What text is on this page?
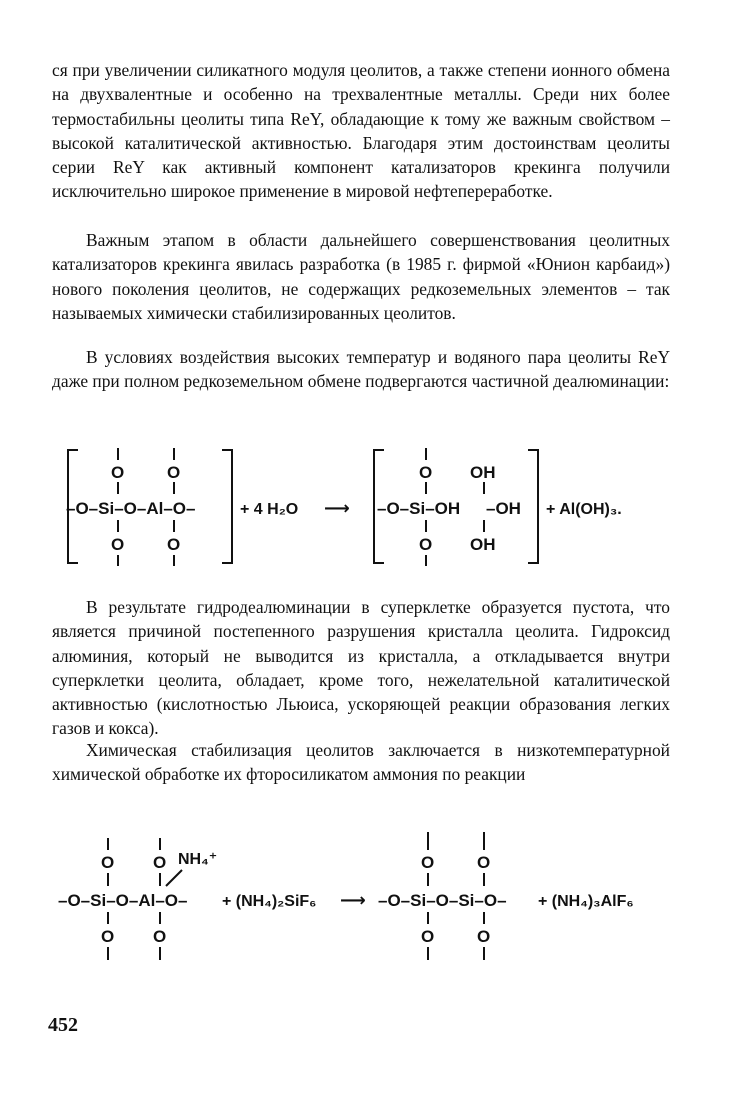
ся при увеличении силикатного модуля цеолитов, а также степени ионного обмена на двухвалентные и особенно на трехвалентные металлы. Среди них более термостабильны цеолиты типа ReY, обладающие к тому же важным свойством – высокой каталитической активностью. Благодаря этим достоинствам цеолиты серии ReY как активный компонент катализаторов крекинга получили исключительно широкое применение в мировой нефтепереработке.

Важным этапом в области дальнейшего совершенствования цеолитных катализаторов крекинга явилась разработка (в 1985 г. фирмой «Юнион карбаид») нового поколения цеолитов, не содержащих редкоземельных элементов – так называемых химически стабилизированных цеолитов.

В условиях воздействия высоких температур и водяного пара цеолиты ReY даже при полном редкоземельном обмене подвергаются частичной деалюминации:

O	O
–O–Si–O–Al–O–
O	O
+ 4 H₂O ⟶
O OH
–O–Si–OH –OH
O OH
+ Al(OH)₃.
O O NH₄⁺
–O–Si–O–Al–O–
O O
+ (NH₄)₂SiF₆ ⟶
O	O
–O–Si–O–Si–O–
O	O
+ (NH₄)₃AlF₆

В результате гидродеалюминации в суперклетке образуется пустота, что является причиной постепенного разрушения кристалла цеолита. Гидроксид алюминия, который не выводится из кристалла, а откладывается внутри суперклетки цеолита, обладает, кроме того, нежелательной каталитической активностью (кислотностью Льюиса, ускоряющей реакции образования легких газов и кокса).

Химическая стабилизация цеолитов заключается в низкотемпературной химической обработке их фторосиликатом аммония по реакции

452
